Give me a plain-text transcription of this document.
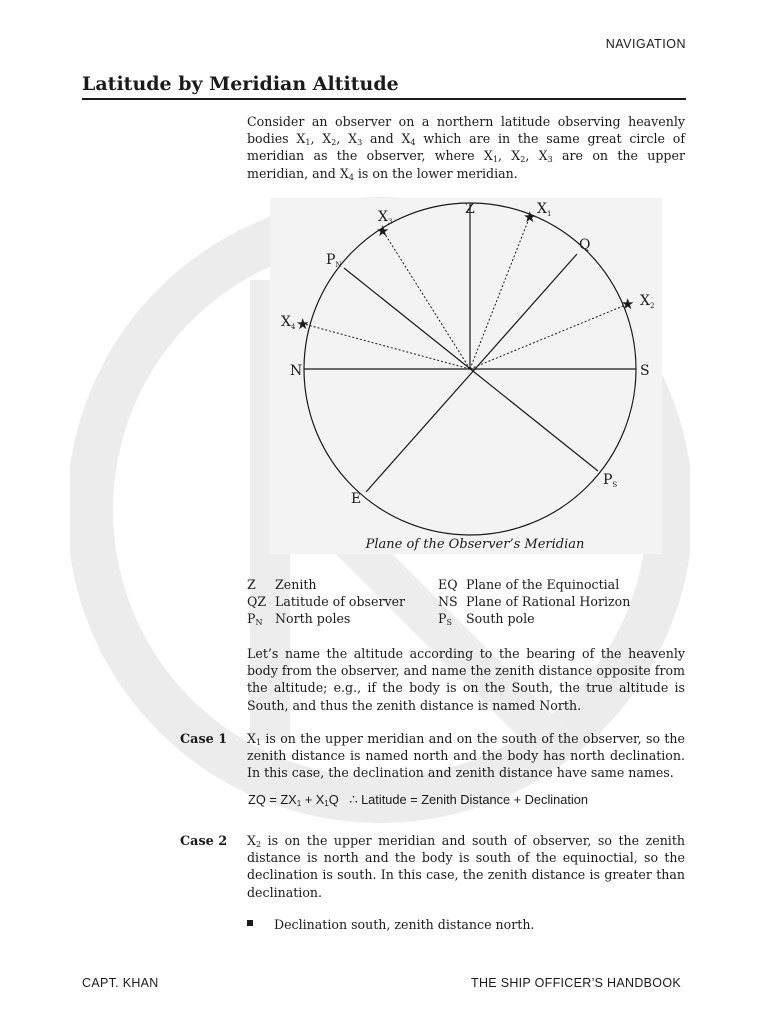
NAVIGATION
Latitude by Meridian Altitude
Consider an observer on a northern latitude observing heavenly bodies $X_1$, $X_2$, $X_3$ and $X_4$ which are in the same great circle of meridian as the observer, where $X_1$, $X_2$, $X_3$ are on the upper meridian, and $X_4$ is on the lower meridian.
Z
Q
N	S
E
$X_3$
$X_1$
$X_2$
$X_4$
$P_N$
$P_S$
★
★
★
★
Plane of the Observer’s Meridian
Z Zenith
QZ Latitude of observer
$P_N$ North poles
EQ Plane of the Equinoctial
NS Plane of Rational Horizon
$P_S$ South pole
Let’s name the altitude according to the bearing of the heavenly body from the observer, and name the zenith distance opposite from the altitude; e.g., if the body is on the South, the true altitude is South, and thus the zenith distance is named North.
Case 1 $X_1$ is on the upper meridian and on the south of the observer, so the zenith distance is named north and the body has north declination. In this case, the declination and zenith distance have same names.
ZQ = $ZX_1 + X_1Q$   ∴ Latitude = Zenith Distance + Declination
Case 2 $X_2$ is on the upper meridian and south of observer, so the zenith distance is north and the body is south of the equinoctial, so the declination is south. In this case, the zenith distance is greater than declination.
Declination south, zenith distance north.
CAPT. KHAN	THE SHIP OFFICER’S HANDBOOK
